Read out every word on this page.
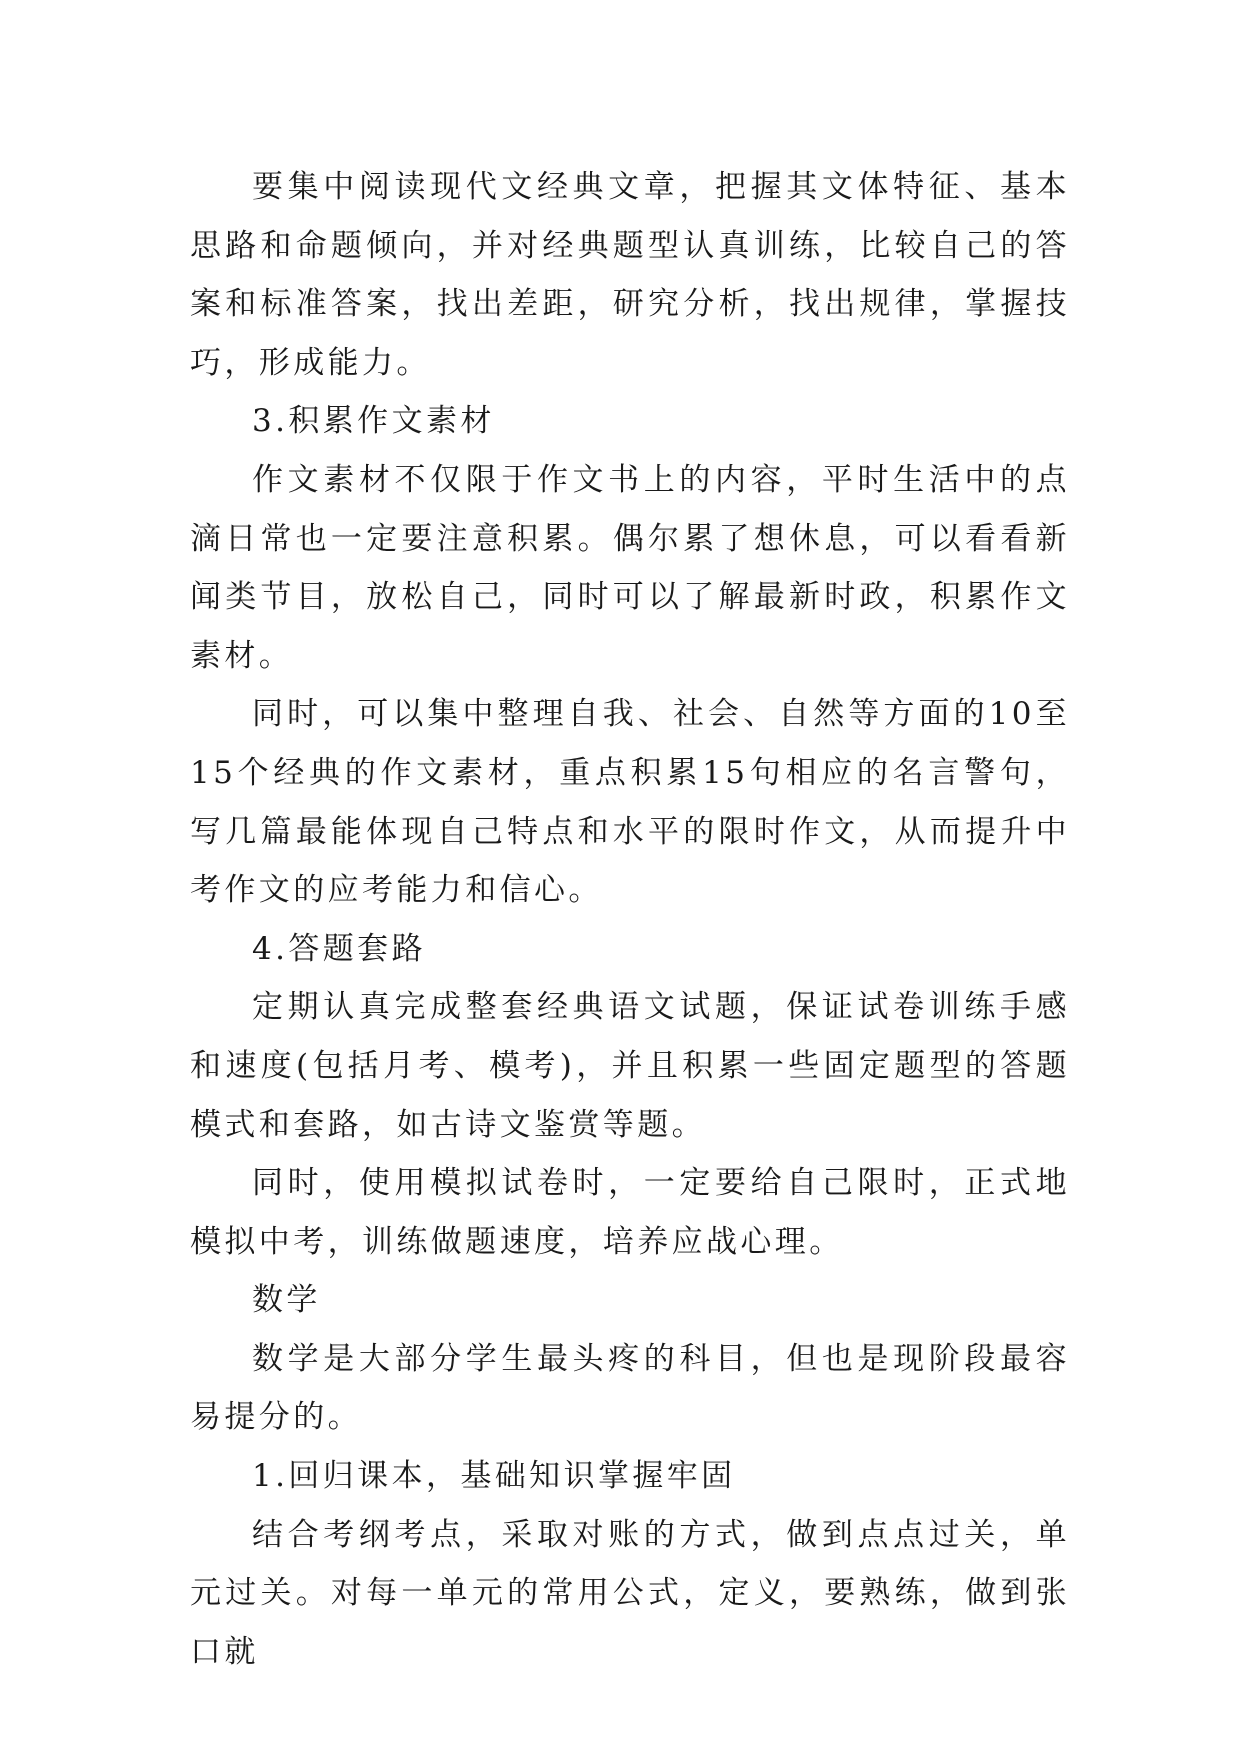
要集中阅读现代文经典文章，把握其文体特征、基本思路和命题倾向，并对经典题型认真训练，比较自己的答案和标准答案，找出差距，研究分析，找出规律，掌握技巧，形成能力。

3.积累作文素材

作文素材不仅限于作文书上的内容，平时生活中的点滴日常也一定要注意积累。偶尔累了想休息，可以看看新闻类节目，放松自己，同时可以了解最新时政，积累作文素材。

同时，可以集中整理自我、社会、自然等方面的10至15个经典的作文素材，重点积累15句相应的名言警句，写几篇最能体现自己特点和水平的限时作文，从而提升中考作文的应考能力和信心。

4.答题套路

定期认真完成整套经典语文试题，保证试卷训练手感和速度(包括月考、模考)，并且积累一些固定题型的答题模式和套路，如古诗文鉴赏等题。

同时，使用模拟试卷时，一定要给自己限时，正式地模拟中考，训练做题速度，培养应战心理。

数学

数学是大部分学生最头疼的科目，但也是现阶段最容易提分的。

1.回归课本，基础知识掌握牢固

结合考纲考点，采取对账的方式，做到点点过关，单元过关。对每一单元的常用公式，定义，要熟练，做到张口就
